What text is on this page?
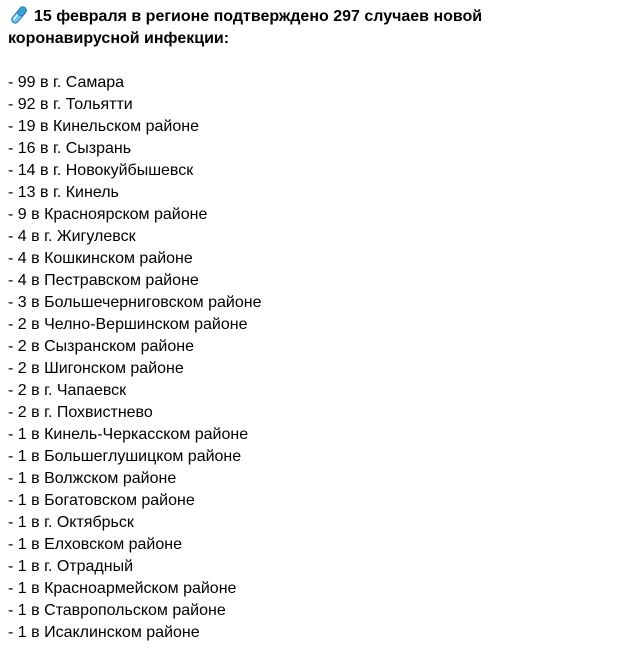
15 февраля в регионе подтверждено 297 случаев новой коронавирусной инфекции:

- 99 в г. Самара
- 92 в г. Тольятти
- 19 в Кинельском районе
- 16 в г. Сызрань
- 14 в г. Новокуйбышевск
- 13 в г. Кинель
- 9 в Красноярском районе
- 4 в г. Жигулевск
- 4 в Кошкинском районе
- 4 в Пестравском районе
- 3 в Большечерниговском районе
- 2 в Челно-Вершинском районе
- 2 в Сызранском районе
- 2 в Шигонском районе
- 2 в г. Чапаевск
- 2 в г. Похвистнево
- 1 в Кинель-Черкасском районе
- 1 в Большеглушицком районе
- 1 в Волжском районе
- 1 в Богатовском районе
- 1 в г. Октябрьск
- 1 в Елховском районе
- 1 в г. Отрадный
- 1 в Красноармейском районе
- 1 в Ставропольском районе
- 1 в Исаклинском районе
